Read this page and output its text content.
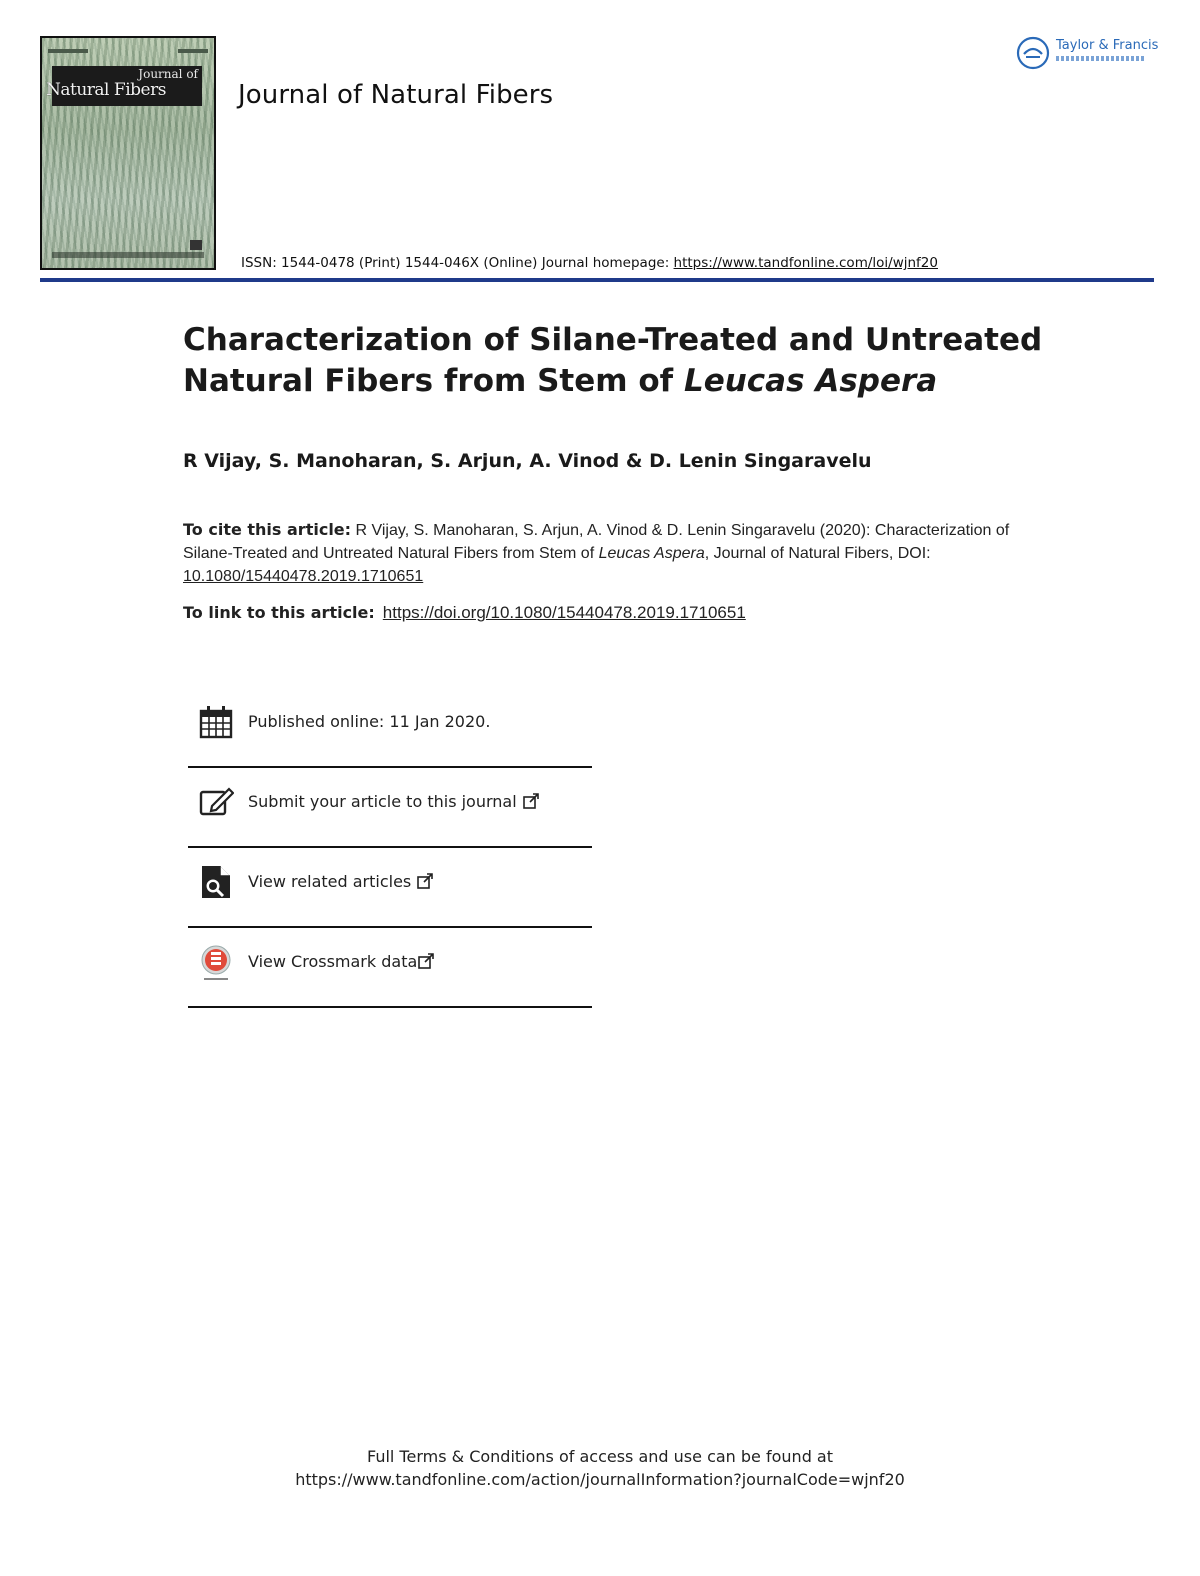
Journal of
Natural Fibers	Journal of Natural Fibers
ISSN: 1544-0478 (Print) 1544-046X (Online) Journal homepage: https://www.tandfonline.com/loi/wjnf20
Taylor & Francis
Characterization of Silane-Treated and Untreated
Natural Fibers from Stem of Leucas Aspera
R Vijay, S. Manoharan, S. Arjun, A. Vinod & D. Lenin Singaravelu
To cite this article: R Vijay, S. Manoharan, S. Arjun, A. Vinod & D. Lenin Singaravelu (2020): Characterization of Silane-Treated and Untreated Natural Fibers from Stem of Leucas Aspera, Journal of Natural Fibers, DOI: 10.1080/15440478.2019.1710651
To link to this article: https://doi.org/10.1080/15440478.2019.1710651
Published online: 11 Jan 2020.
Submit your article to this journal
View related articles
View Crossmark data
Full Terms & Conditions of access and use can be found at
https://www.tandfonline.com/action/journalInformation?journalCode=wjnf20
